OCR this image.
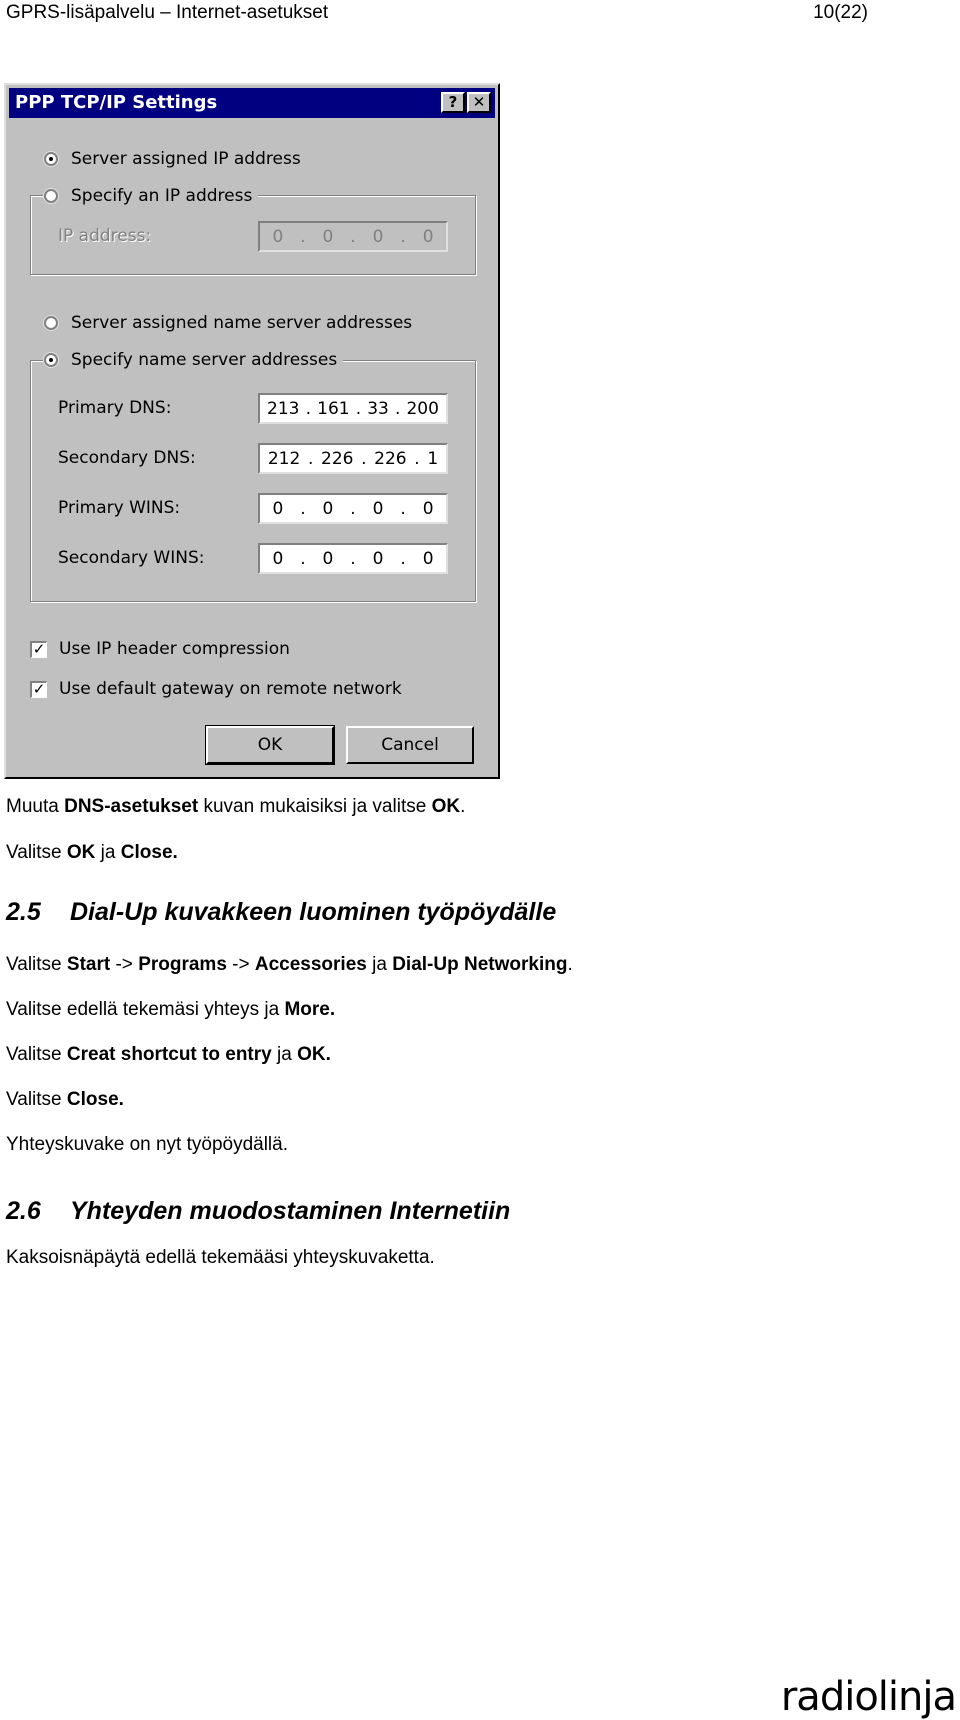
GPRS-lisäpalvelu – Internet-asetukset	10(22)
PPP TCP/IP Settings	?	✕
Server assigned IP address
Specify an IP address
IP address:	0 . 0 . 0 . 0
Server assigned name server addresses
Specify name server addresses
Primary DNS:	213 . 161 . 33 . 200
Secondary DNS:	212 . 226 . 226 . 1
Primary WINS:	0 . 0 . 0 . 0
Secondary WINS:	0 . 0 . 0 . 0
✓ Use IP header compression
✓ Use default gateway on remote network
OK	Cancel
Muuta DNS-asetukset kuvan mukaisiksi ja valitse OK.
Valitse OK ja Close.
2.5 Dial-Up kuvakkeen luominen työpöydälle
Valitse Start -> Programs -> Accessories ja Dial-Up Networking.
Valitse edellä tekemäsi yhteys ja More.
Valitse Creat shortcut to entry ja OK.
Valitse Close.
Yhteyskuvake on nyt työpöydällä.
2.6 Yhteyden muodostaminen Internetiin
Kaksoisnäpäytä edellä tekemääsi yhteyskuvaketta.
radiolinja
